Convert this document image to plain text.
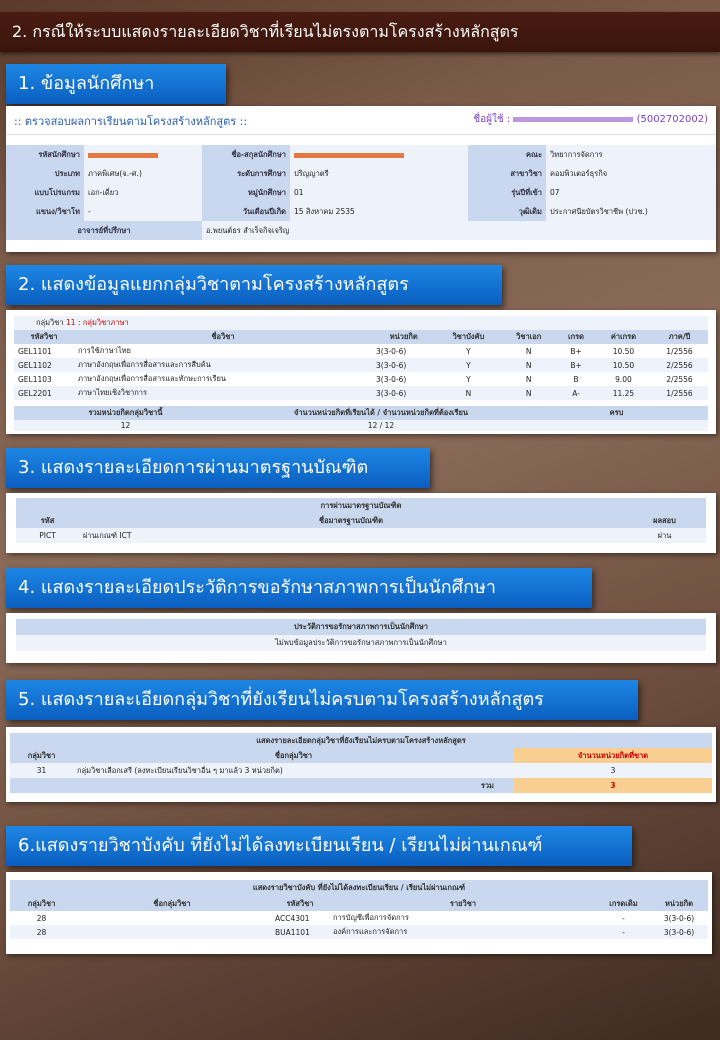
2. กรณีให้ระบบแสดงรายละเอียดวิชาที่เรียนไม่ตรงตามโครงสร้างหลักสูตร
1. ข้อมูลนักศึกษา
:: ตรวจสอบผลการเรียนตามโครงสร้างหลักสูตร ::	ชื่อผู้ใช้ :	(5002702002)
รหัสนักศึกษา		ชื่อ-สกุลนักศึกษา		คณะ	วิทยาการจัดการ
ประเภท	ภาคพิเศษ(จ.-ศ.)	ระดับการศึกษา	ปริญญาตรี	สาขาวิชา	คอมพิวเตอร์ธุรกิจ
แบบโปรแกรม	เอก-เดี่ยว	หมู่นักศึกษา	01	รุ่นปีที่เข้า	07
แขนง/วิชาโท	-	วันเดือนปีเกิด	15 สิงหาคม 2535	วุฒิเดิม	ประกาศนียบัตรวิชาชีพ (ปวช.)
อาจารย์ที่ปรึกษา		อ.พยนต์ธร สำเร็จกิจเจริญ			
2. แสดงข้อมูลแยกกลุ่มวิชาตามโครงสร้างหลักสูตร
กลุ่มวิชา 11 : กลุ่มวิชาภาษา							
รหัสวิชา	ชื่อวิชา	หน่วยกิต	วิชาบังคับ	วิชาเอก	เกรด	ค่าเกรด	ภาค/ปี
GEL1101	การใช้ภาษาไทย	3(3-0-6)	Y	N	B+	10.50	1/2556
GEL1102	ภาษาอังกฤษเพื่อการสื่อสารและการสืบค้น	3(3-0-6)	Y	N	B+	10.50	2/2556
GEL1103	ภาษาอังกฤษเพื่อการสื่อสารและทักษะการเรียน	3(3-0-6)	Y	N	B	9.00	2/2556
GEL2201	ภาษาไทยเชิงวิชาการ	3(3-0-6)	N	N	A-	11.25	1/2556
รวมหน่วยกิตกลุ่มวิชานี้	จำนวนหน่วยกิตที่เรียนได้ / จำนวนหน่วยกิตที่ต้องเรียน	ครบ
12	12 / 12	
3. แสดงรายละเอียดการผ่านมาตรฐานบัณฑิต
การผ่านมาตรฐานบัณฑิต		
รหัส	ชื่อมาตรฐานบัณฑิต	ผลสอบ
PICT	ผ่านเกณฑ์ ICT	ผ่าน
4. แสดงรายละเอียดประวัติการขอรักษาสภาพการเป็นนักศึกษา
ประวัติการขอรักษาสภาพการเป็นนักศึกษา
ไม่พบข้อมูลประวัติการขอรักษาสภาพการเป็นนักศึกษา
5. แสดงรายละเอียดกลุ่มวิชาที่ยังเรียนไม่ครบตามโครงสร้างหลักสูตร
แสดงรายละเอียดกลุ่มวิชาที่ยังเรียนไม่ครบตามโครงสร้างหลักสูตร		
กลุ่มวิชา	ชื่อกลุ่มวิชา	จำนวนหน่วยกิตที่ขาด
31	กลุ่มวิชาเลือกเสรี (ลงทะเบียนเรียนวิชาอื่น ๆ มาแล้ว 3 หน่วยกิต)	3
รวม		3
6.แสดงรายวิชาบังคับ ที่ยังไม่ได้ลงทะเบียนเรียน / เรียนไม่ผ่านเกณฑ์
แสดงรายวิชาบังคับ ที่ยังไม่ได้ลงทะเบียนเรียน / เรียนไม่ผ่านเกณฑ์					
กลุ่มวิชา	ชื่อกลุ่มวิชา	รหัสวิชา	รายวิชา	เกรดเดิม	หน่วยกิต
28		ACC4301	การบัญชีเพื่อการจัดการ	-	3(3-0-6)
28		BUA1101	องค์การและการจัดการ	-	3(3-0-6)
